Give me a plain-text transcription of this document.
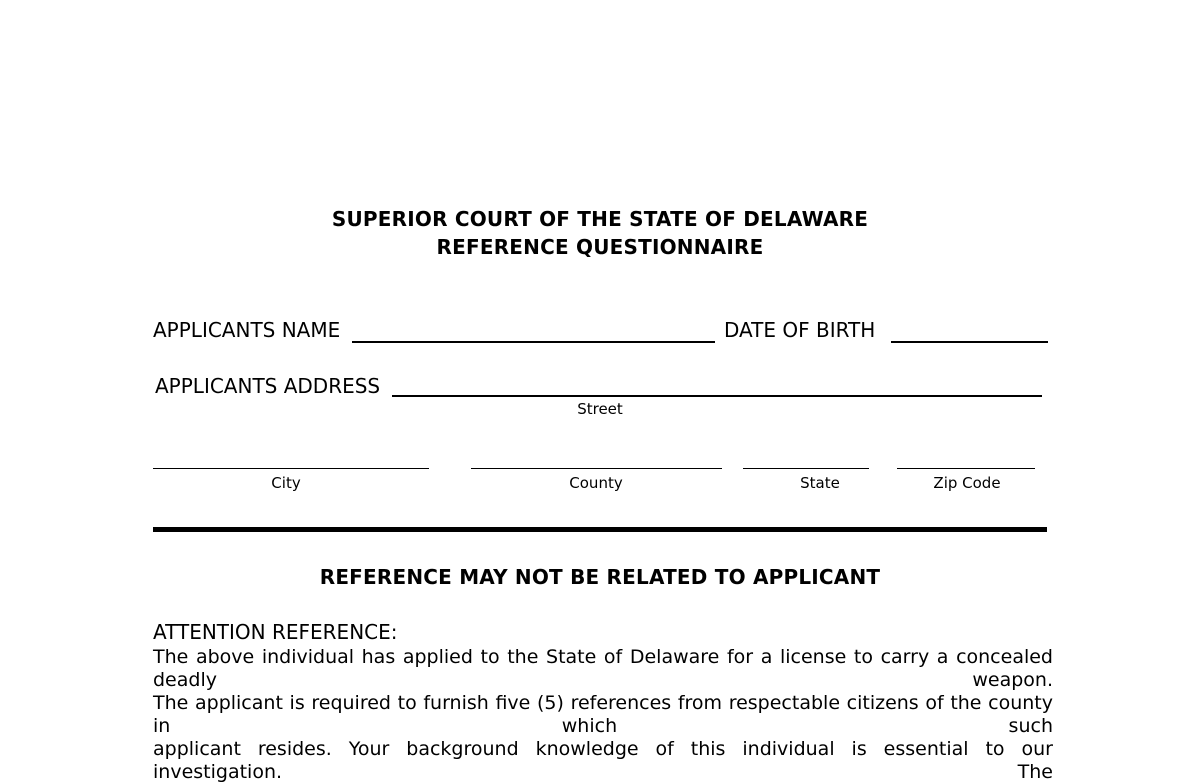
SUPERIOR COURT OF THE STATE OF DELAWARE
REFERENCE QUESTIONNAIRE
APPLICANTS NAME	DATE OF BIRTH
APPLICANTS ADDRESS
Street
City	County	State	Zip Code
REFERENCE MAY NOT BE RELATED TO APPLICANT
ATTENTION REFERENCE:
The above individual has applied to the State of Delaware for a license to carry a concealed deadly weapon.
The applicant is required to furnish five (5) references from respectable citizens of the county in which such
applicant resides. Your background knowledge of this individual is essential to our investigation. The
